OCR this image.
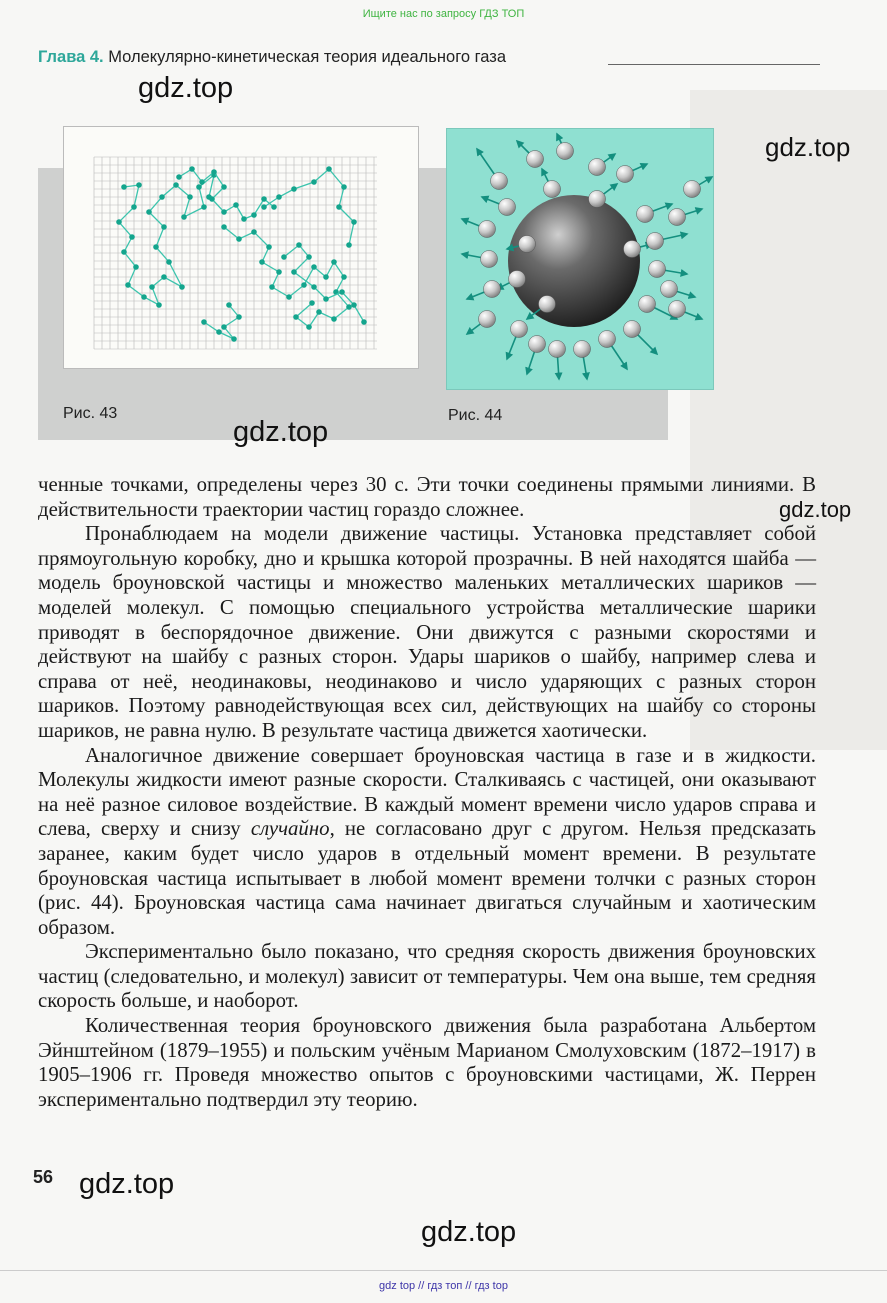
Ищите нас по запросу ГДЗ ТОП
Глава 4. Молекулярно-кинетическая теория идеального газа
Рис. 43	Рис. 44
gdz.top
gdz.top
gdz.top
gdz.top

ченные точками, определены через 30 с. Эти точки соединены прямыми линиями. В действительности траектории частиц гораздо сложнее.

Пронаблюдаем на модели движение частицы. Установка представляет собой прямоугольную коробку, дно и крышка которой прозрачны. В ней находятся шайба — модель броуновской частицы и множество маленьких металлических шариков — моделей молекул. С помощью специального устройства металлические шарики приводят в беспорядочное движение. Они движутся с разными скоростями и действуют на шайбу с разных сторон. Удары шариков о шайбу, например слева и справа от неё, неодинаковы, неодинаково и число ударяющих с разных сторон шариков. Поэтому равнодействующая всех сил, действующих на шайбу со стороны шариков, не равна нулю. В результате частица движется хаотически.

Аналогичное движение совершает броуновская частица в газе и в жидкости. Молекулы жидкости имеют разные скорости. Сталкиваясь с частицей, они оказывают на неё разное силовое воздействие. В каждый момент времени число ударов справа и слева, сверху и снизу случайно, не согласовано друг с другом. Нельзя предсказать заранее, каким будет число ударов в отдельный момент времени. В результате броуновская частица испытывает в любой момент времени толчки с разных сторон (рис. 44). Броуновская частица сама начинает двигаться случайным и хаотическим образом.

Экспериментально было показано, что средняя скорость движения броуновских частиц (следовательно, и молекул) зависит от температуры. Чем она выше, тем средняя скорость больше, и наоборот.

Количественная теория броуновского движения была разработана Альбертом Эйнштейном (1879–1955) и польским учёным Марианом Смолуховским (1872–1917) в 1905–1906 гг. Проведя множество опытов с броуновскими частицами, Ж. Перрен экспериментально подтвердил эту теорию.

56 gdz.top
gdz.top
gdz top // гдз топ // гдз top
